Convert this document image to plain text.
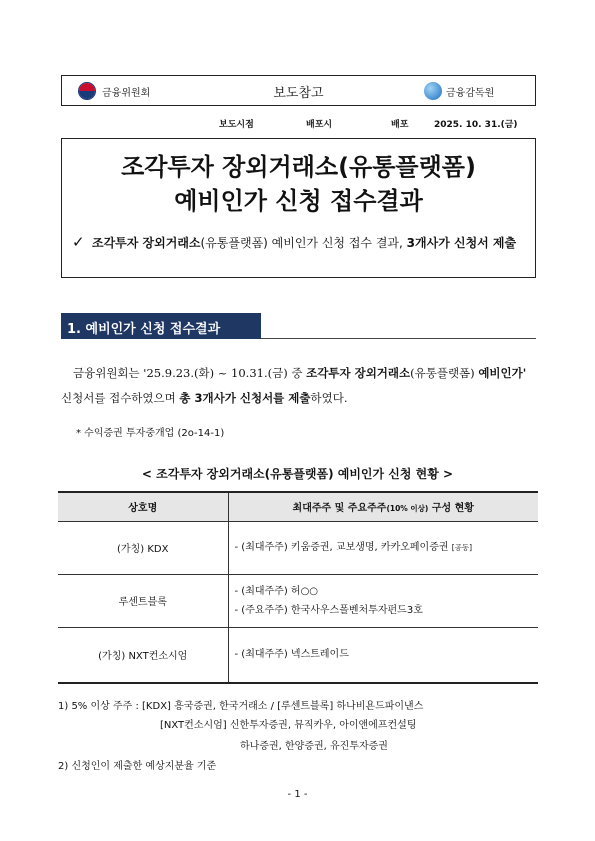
금융위원회	보도참고	금융감독원
보도시점	배포시	배포	2025. 10. 31.(금)
조각투자 장외거래소(유통플랫폼)
예비인가 신청 접수결과
✓ 조각투자 장외거래소(유통플랫폼) 예비인가 신청 접수 결과, 3개사가 신청서 제출
1. 예비인가 신청 접수결과
금융위원회는 '25.9.23.(화) ~ 10.31.(금) 중 조각투자 장외거래소(유통플랫폼) 예비인가' 신청서를 접수하였으며 총 3개사가 신청서를 제출하였다.
* 수익증권 투자중개업 (2o-14-1)
< 조각투자 장외거래소(유통플랫폼) 예비인가 신청 현황 >
상호명	최대주주 및 주요주주(10% 이상) 구성 현황
(가칭) KDX	- (최대주주) 키움증권, 교보생명, 카카오페이증권 [공동]
루센트블록	- (최대주주) 허○○
- (주요주주) 한국사우스폴벤처투자펀드3호

(가칭) NXT컨소시엄	- (최대주주) 넥스트레이드
1) 5% 이상 주주 : [KDX] 흥국증권, 한국거래소 / [루센트블록] 하나비욘드파이낸스
[NXT컨소시엄] 신한투자증권, 뮤직카우, 아이앤에프컨설팅
하나증권, 한양증권, 유진투자증권
2) 신청인이 제출한 예상지분율 기준
- 1 -
